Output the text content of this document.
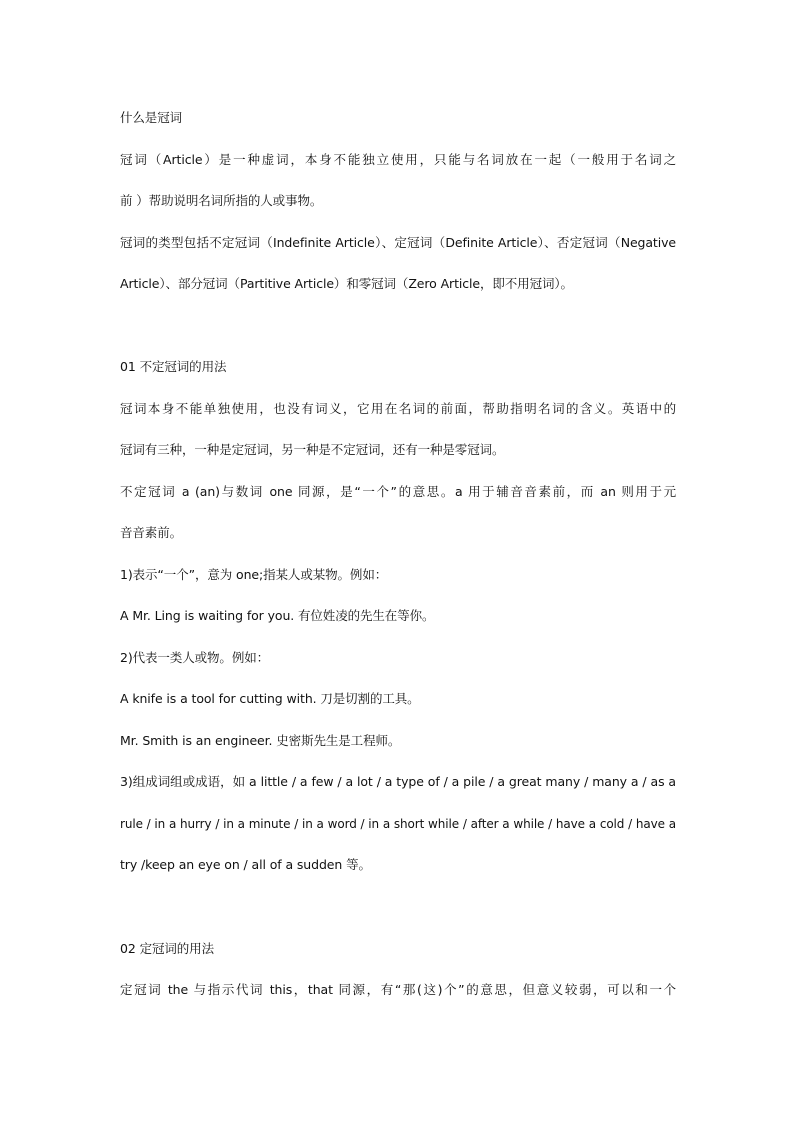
什么是冠词
冠词（Article）是一种虚词，本身不能独立使用，只能与名词放在一起（一般用于名词之
前 ）帮助说明名词所指的人或事物。
冠词的类型包括不定冠词（Indefinite Article）、定冠词（Definite Article）、否定冠词（Negative
Article）、部分冠词（Partitive Article）和零冠词（Zero Article，即不用冠词）。
01 不定冠词的用法
冠词本身不能单独使用，也没有词义，它用在名词的前面，帮助指明名词的含义。英语中的
冠词有三种，一种是定冠词，另一种是不定冠词，还有一种是零冠词。
不定冠词 a (an)与数词 one 同源，是“一个”的意思。a 用于辅音音素前，而 an 则用于元
音音素前。
1)表示“一个”，意为 one;指某人或某物。例如：
A Mr. Ling is waiting for you. 有位姓凌的先生在等你。
2)代表一类人或物。例如：
A knife is a tool for cutting with. 刀是切割的工具。
Mr. Smith is an engineer. 史密斯先生是工程师。
3)组成词组或成语，如 a little / a few / a lot / a type of / a pile / a great many / many a / as a
rule / in a hurry / in a minute / in a word / in a short while / after a while / have a cold / have a
try /keep an eye on / all of a sudden 等。
02 定冠词的用法
定冠词 the 与指示代词 this，that 同源，有“那(这)个”的意思，但意义较弱，可以和一个
